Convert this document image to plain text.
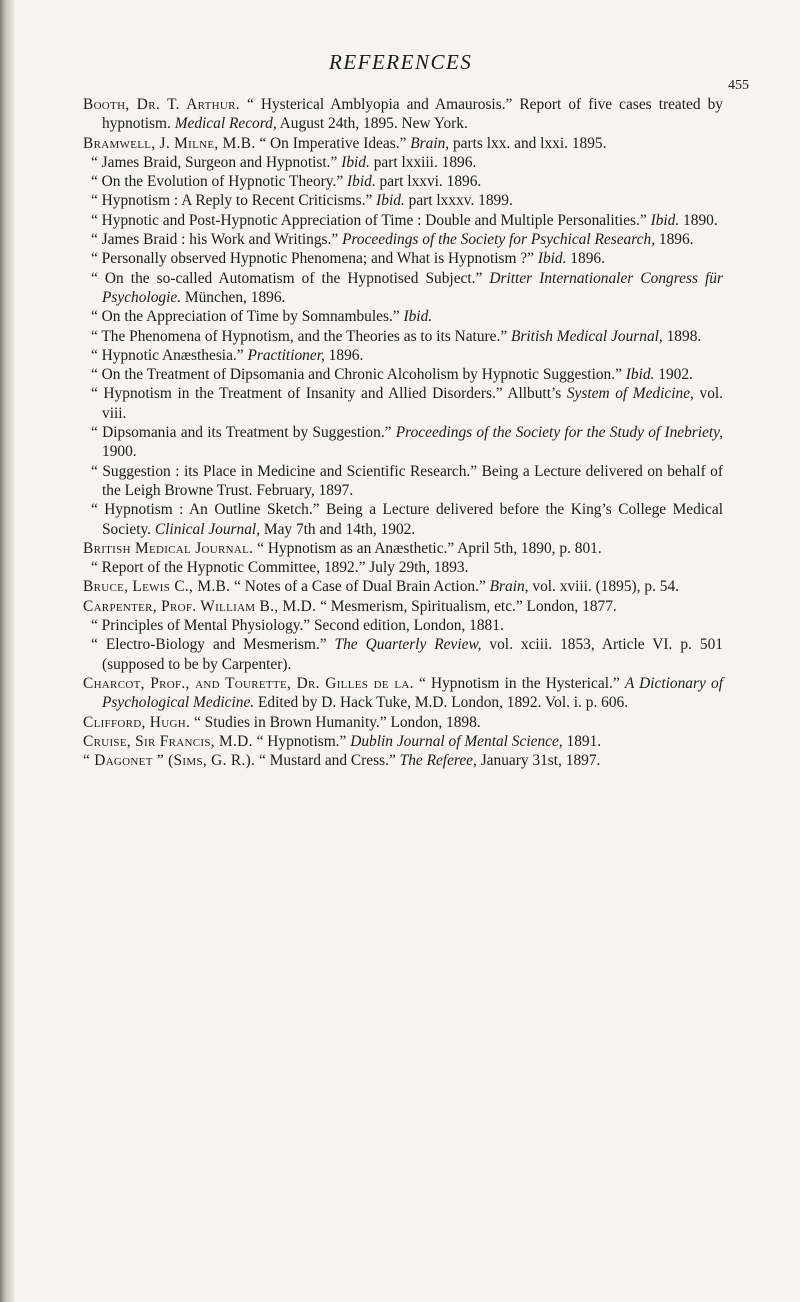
REFERENCES
455

Booth, Dr. T. Arthur. “ Hysterical Amblyopia and Amaurosis.” Report of five cases treated by hypnotism. Medical Record, August 24th, 1895. New York.

Bramwell, J. Milne, M.B. “ On Imperative Ideas.” Brain, parts lxx. and lxxi. 1895.

“ James Braid, Surgeon and Hypnotist.” Ibid. part lxxiii. 1896.

“ On the Evolution of Hypnotic Theory.” Ibid. part lxxvi. 1896.

“ Hypnotism : A Reply to Recent Criticisms.” Ibid. part lxxxv. 1899.

“ Hypnotic and Post-Hypnotic Appreciation of Time : Double and Multiple Personalities.” Ibid. 1890.

“ James Braid : his Work and Writings.” Proceedings of the Society for Psychical Research, 1896.

“ Personally observed Hypnotic Phenomena; and What is Hypnotism ?” Ibid. 1896.

“ On the so-called Automatism of the Hypnotised Subject.” Dritter Internationaler Congress für Psychologie. München, 1896.

“ On the Appreciation of Time by Somnambules.” Ibid.

“ The Phenomena of Hypnotism, and the Theories as to its Nature.” British Medical Journal, 1898.

“ Hypnotic Anæsthesia.” Practitioner, 1896.

“ On the Treatment of Dipsomania and Chronic Alcoholism by Hypnotic Suggestion.” Ibid. 1902.

“ Hypnotism in the Treatment of Insanity and Allied Disorders.” Allbutt’s System of Medicine, vol. viii.

“ Dipsomania and its Treatment by Suggestion.” Proceedings of the Society for the Study of Inebriety, 1900.

“ Suggestion : its Place in Medicine and Scientific Research.” Being a Lecture delivered on behalf of the Leigh Browne Trust. February, 1897.

“ Hypnotism : An Outline Sketch.” Being a Lecture delivered before the King’s College Medical Society. Clinical Journal, May 7th and 14th, 1902.

British Medical Journal. “ Hypnotism as an Anæsthetic.” April 5th, 1890, p. 801.

“ Report of the Hypnotic Committee, 1892.” July 29th, 1893.

Bruce, Lewis C., M.B. “ Notes of a Case of Dual Brain Action.” Brain, vol. xviii. (1895), p. 54.

Carpenter, Prof. William B., M.D. “ Mesmerism, Spiritualism, etc.” London, 1877.

“ Principles of Mental Physiology.” Second edition, London, 1881.

“ Electro-Biology and Mesmerism.” The Quarterly Review, vol. xciii. 1853, Article VI. p. 501 (supposed to be by Carpenter).

Charcot, Prof., and Tourette, Dr. Gilles de la. “ Hypnotism in the Hysterical.” A Dictionary of Psychological Medicine. Edited by D. Hack Tuke, M.D. London, 1892. Vol. i. p. 606.

Clifford, Hugh. “ Studies in Brown Humanity.” London, 1898.

Cruise, Sir Francis, M.D. “ Hypnotism.” Dublin Journal of Mental Science, 1891.

“ Dagonet ” (Sims, G. R.). “ Mustard and Cress.” The Referee, January 31st, 1897.
